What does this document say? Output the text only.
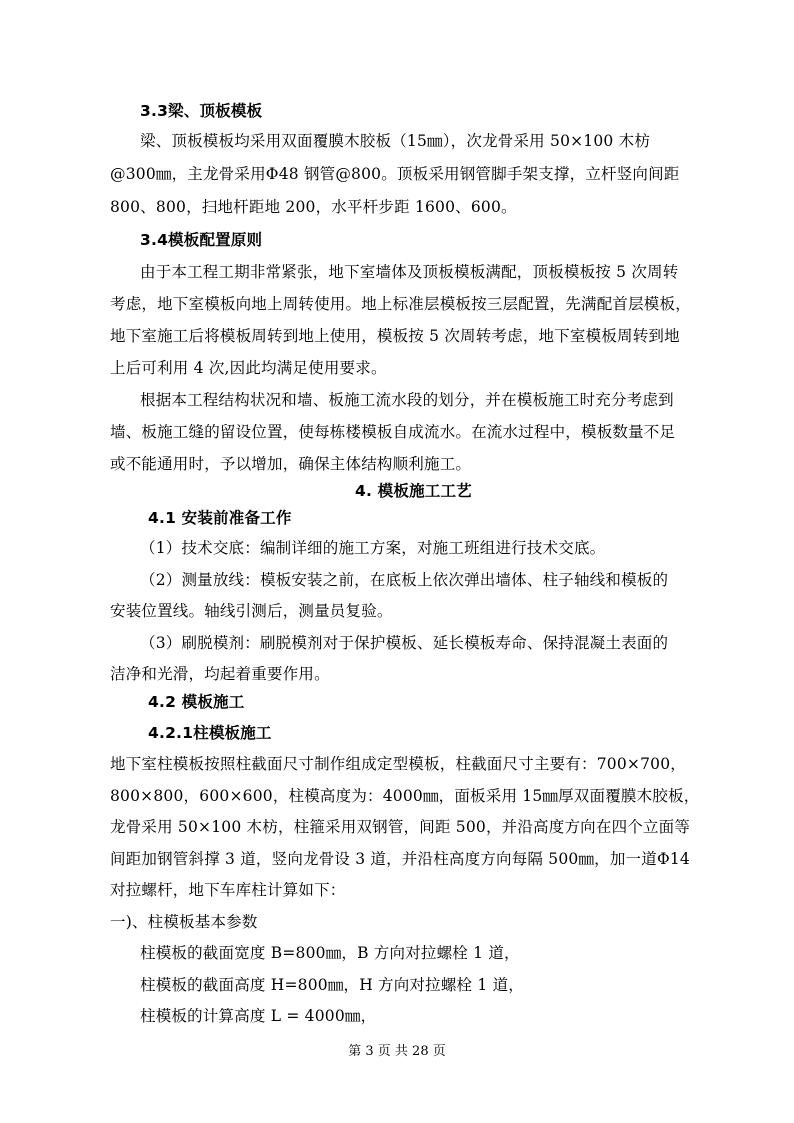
3.3梁、顶板模板
梁、顶板模板均采用双面覆膜木胶板（15㎜），次龙骨采用 50×100 木枋
@300㎜，主龙骨采用Φ48 钢管@800。顶板采用钢管脚手架支撑，立杆竖向间距
800、800，扫地杆距地 200，水平杆步距 1600、600。
3.4模板配置原则
由于本工程工期非常紧张，地下室墙体及顶板模板满配，顶板模板按 5 次周转
考虑，地下室模板向地上周转使用。地上标准层模板按三层配置，先满配首层模板，
地下室施工后将模板周转到地上使用，模板按 5 次周转考虑，地下室模板周转到地
上后可利用 4 次,因此均满足使用要求。
根据本工程结构状况和墙、板施工流水段的划分，并在模板施工时充分考虑到
墙、板施工缝的留设位置，使每栋楼模板自成流水。在流水过程中，模板数量不足
或不能通用时，予以增加，确保主体结构顺利施工。
4. 模板施工工艺
4.1 安装前准备工作
（1）技术交底：编制详细的施工方案，对施工班组进行技术交底。
（2）测量放线：模板安装之前，在底板上依次弹出墙体、柱子轴线和模板的
安装位置线。轴线引测后，测量员复验。
（3）刷脱模剂：刷脱模剂对于保护模板、延长模板寿命、保持混凝土表面的
洁净和光滑，均起着重要作用。
4.2 模板施工
4.2.1柱模板施工
地下室柱模板按照柱截面尺寸制作组成定型模板，柱截面尺寸主要有：700×700，
800×800，600×600，柱模高度为：4000㎜，面板采用 15㎜厚双面覆膜木胶板，
龙骨采用 50×100 木枋，柱箍采用双钢管，间距 500，并沿高度方向在四个立面等
间距加钢管斜撑 3 道，竖向龙骨设 3 道，并沿柱高度方向每隔 500㎜，加一道Φ14
对拉螺杆，地下车库柱计算如下：
一)、柱模板基本参数
柱模板的截面宽度 B=800㎜，B 方向对拉螺栓 1 道，
柱模板的截面高度 H=800㎜，H 方向对拉螺栓 1 道，
柱模板的计算高度 L = 4000㎜，
第 3 页 共 28 页
